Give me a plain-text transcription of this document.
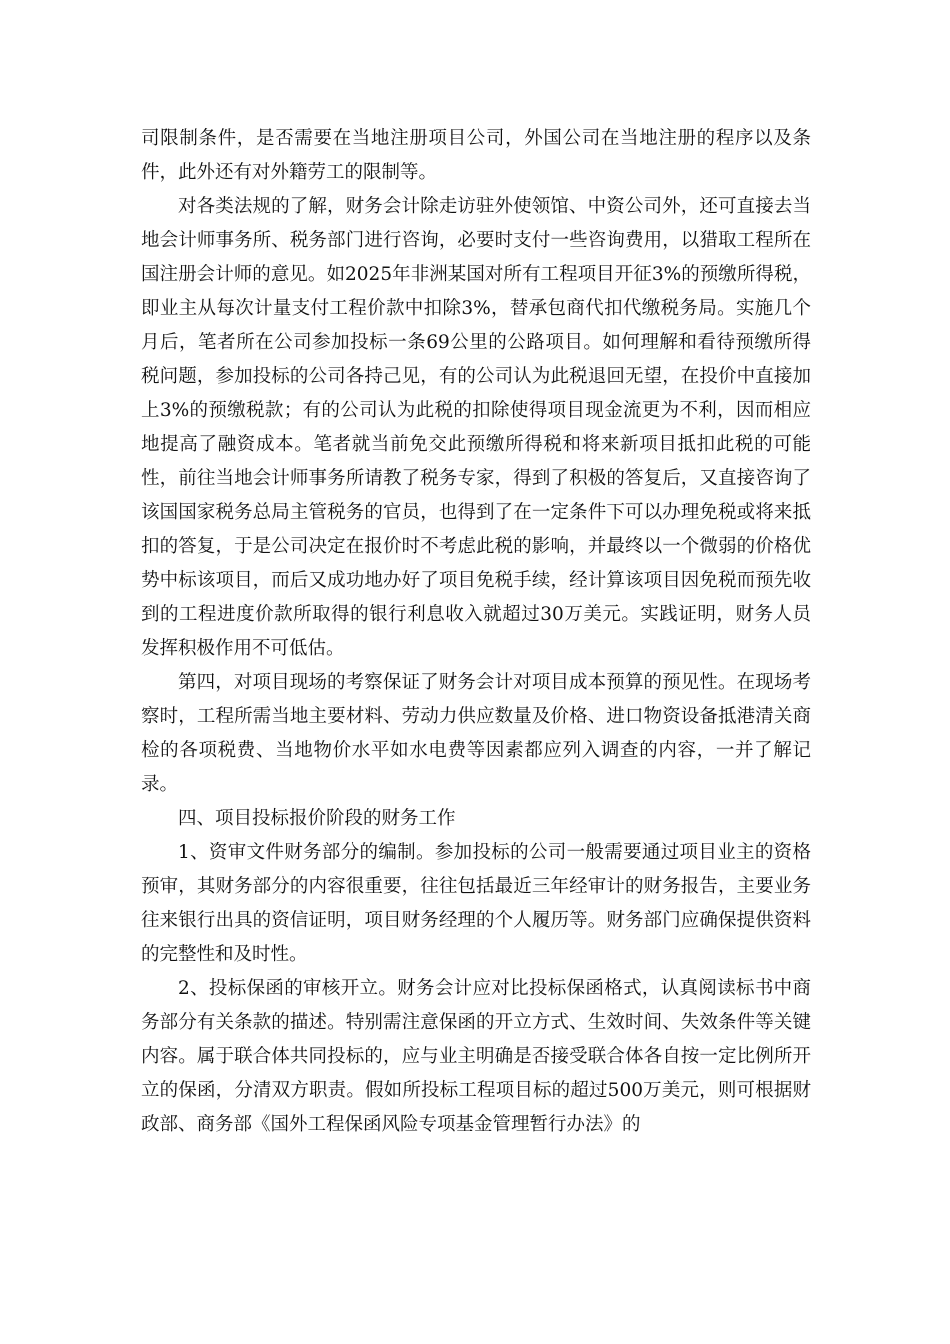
司限制条件，是否需要在当地注册项目公司，外国公司在当地注册的程序以及条件，此外还有对外籍劳工的限制等。

对各类法规的了解，财务会计除走访驻外使领馆、中资公司外，还可直接去当地会计师事务所、税务部门进行咨询，必要时支付一些咨询费用，以猎取工程所在国注册会计师的意见。如2025年非洲某国对所有工程项目开征3%的预缴所得税，即业主从每次计量支付工程价款中扣除3%，替承包商代扣代缴税务局。实施几个月后，笔者所在公司参加投标一条69公里的公路项目。如何理解和看待预缴所得税问题，参加投标的公司各持己见，有的公司认为此税退回无望，在投价中直接加上3%的预缴税款；有的公司认为此税的扣除使得项目现金流更为不利，因而相应地提高了融资成本。笔者就当前免交此预缴所得税和将来新项目抵扣此税的可能性，前往当地会计师事务所请教了税务专家，得到了积极的答复后，又直接咨询了该国国家税务总局主管税务的官员，也得到了在一定条件下可以办理免税或将来抵扣的答复，于是公司决定在报价时不考虑此税的影响，并最终以一个微弱的价格优势中标该项目，而后又成功地办好了项目免税手续，经计算该项目因免税而预先收到的工程进度价款所取得的银行利息收入就超过30万美元。实践证明，财务人员发挥积极作用不可低估。

第四，对项目现场的考察保证了财务会计对项目成本预算的预见性。在现场考察时，工程所需当地主要材料、劳动力供应数量及价格、进口物资设备抵港清关商检的各项税费、当地物价水平如水电费等因素都应列入调查的内容，一并了解记录。

四、项目投标报价阶段的财务工作

1、资审文件财务部分的编制。参加投标的公司一般需要通过项目业主的资格预审，其财务部分的内容很重要，往往包括最近三年经审计的财务报告，主要业务往来银行出具的资信证明，项目财务经理的个人履历等。财务部门应确保提供资料的完整性和及时性。

2、投标保函的审核开立。财务会计应对比投标保函格式，认真阅读标书中商务部分有关条款的描述。特别需注意保函的开立方式、生效时间、失效条件等关键内容。属于联合体共同投标的，应与业主明确是否接受联合体各自按一定比例所开立的保函，分清双方职责。假如所投标工程项目标的超过500万美元，则可根据财政部、商务部《国外工程保函风险专项基金管理暂行办法》的
